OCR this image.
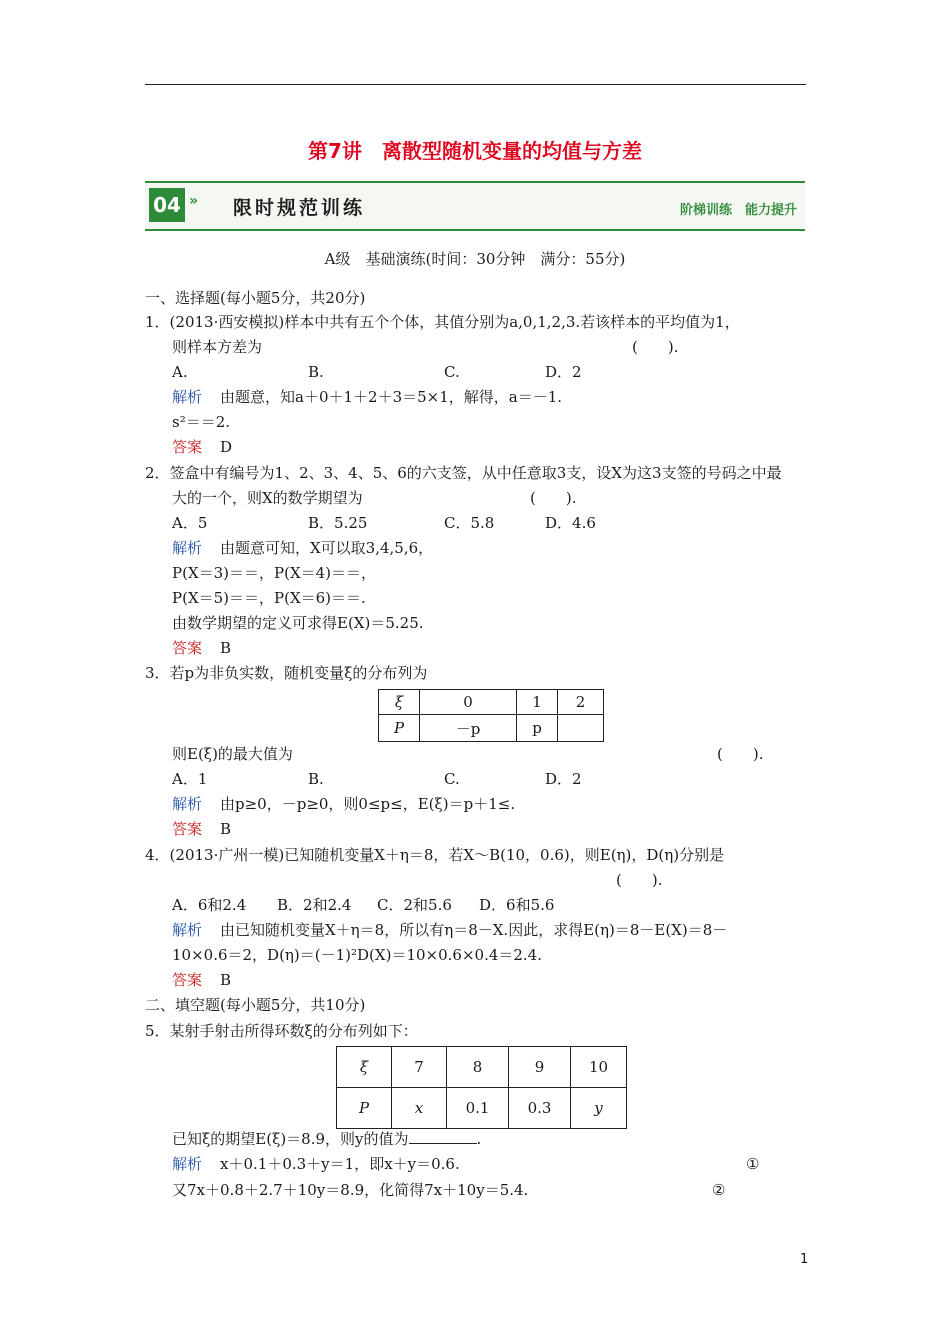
第7讲　离散型随机变量的均值与方差
04 » 限时规范训练	阶梯训练　能力提升
A级　基础演练(时间：30分钟　满分：55分)
一、选择题(每小题5分，共20分)
1．(2013·西安模拟)样本中共有五个个体，其值分别为a,0,1,2,3.若该样本的平均值为1，
则样本方差为	(　　).
A.	B.	C.	D．2
解析 由题意，知a＋0＋1＋2＋3＝5×1，解得，a＝－1.
s²＝＝2.
答案 D
2．签盒中有编号为1、2、3、4、5、6的六支签，从中任意取3支，设X为这3支签的号码之中最
大的一个，则X的数学期望为	(　　).
A．5	B．5.25	C．5.8	D．4.6
解析 由题意可知，X可以取3,4,5,6，
P(X＝3)＝＝，P(X＝4)＝＝，
P(X＝5)＝＝，P(X＝6)＝＝.
由数学期望的定义可求得E(X)＝5.25.
答案 B
3．若p为非负实数，随机变量ξ的分布列为
ξ	0	1	2
P	－p	p	
则E(ξ)的最大值为	(　　).
A．1	B.	C.	D．2
解析 由p≥0，－p≥0，则0≤p≤，E(ξ)＝p＋1≤.
答案 B
4．(2013·广州一模)已知随机变量X＋η＝8，若X～B(10，0.6)，则E(η)，D(η)分别是
(　　).
A．6和2.4 B．2和2.4 C．2和5.6 D．6和5.6
解析 由已知随机变量X＋η＝8，所以有η＝8－X.因此，求得E(η)＝8－E(X)＝8－
10×0.6＝2，D(η)＝(－1)²D(X)＝10×0.6×0.4＝2.4.
答案 B
二、填空题(每小题5分，共10分)
5．某射手射击所得环数ξ的分布列如下：
ξ	7	8	9	10
P	x	0.1	0.3	y
已知ξ的期望E(ξ)＝8.9，则y的值为	.
解析 x＋0.1＋0.3＋y＝1，即x＋y＝0.6.	①
又7x＋0.8＋2.7＋10y＝8.9，化简得7x＋10y＝5.4.	②
1
